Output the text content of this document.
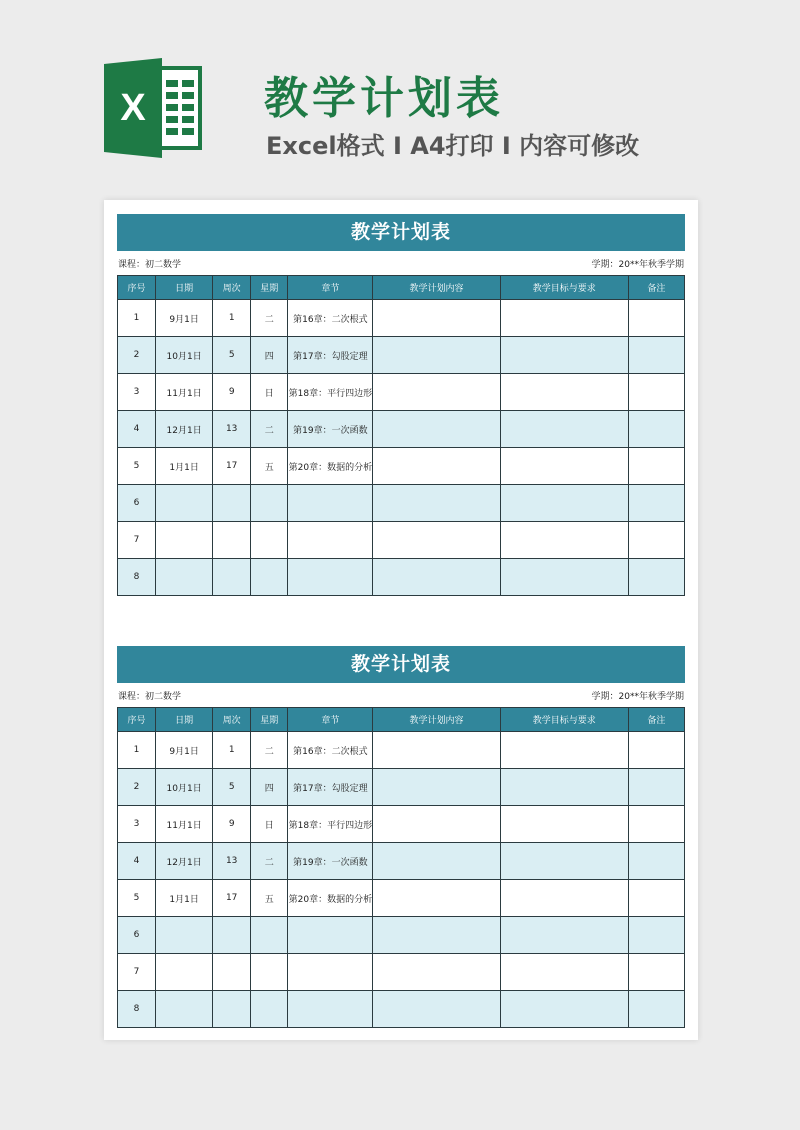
X	教学计划表
Excel格式 I A4打印 I 内容可修改
教学计划表
课程：初二数学	学期：20**年秋季学期
序号	日期	周次	星期	章节	教学计划内容	教学目标与要求	备注
1	9月1日	1	二	第16章：二次根式			
2	10月1日	5	四	第17章：勾股定理			
3	11月1日	9	日	第18章：平行四边形			
4	12月1日	13	二	第19章：一次函数			
5	1月1日	17	五	第20章：数据的分析			
6							
7							
8							
教学计划表
课程：初二数学	学期：20**年秋季学期
序号	日期	周次	星期	章节	教学计划内容	教学目标与要求	备注
1	9月1日	1	二	第16章：二次根式			
2	10月1日	5	四	第17章：勾股定理			
3	11月1日	9	日	第18章：平行四边形			
4	12月1日	13	二	第19章：一次函数			
5	1月1日	17	五	第20章：数据的分析			
6							
7							
8							
